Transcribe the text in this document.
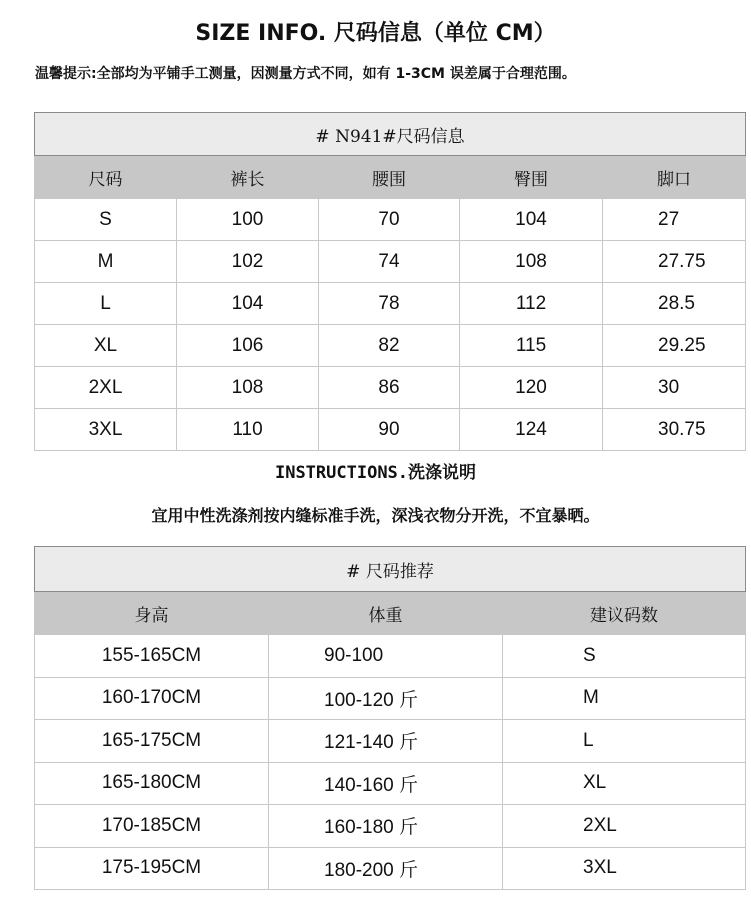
SIZE INFO. 尺码信息（单位 CM）
温馨提示:全部均为平铺手工测量，因测量方式不同，如有 1-3CM 误差属于合理范围。
# N941#尺码信息				
尺码	裤长	腰围	臀围	脚口
S	100	70	104	27
M	102	74	108	27.75
L	104	78	112	28.5
XL	106	82	115	29.25
2XL	108	86	120	30
3XL	110	90	124	30.75
INSTRUCTIONS.洗涤说明
宜用中性洗涤剂按内缝标准手洗，深浅衣物分开洗，不宜暴晒。
# 尺码推荐		
身高	体重	建议码数
155-165CM	90-100	S
160-170CM	100-120 斤	M
165-175CM	121-140 斤	L
165-180CM	140-160 斤	XL
170-185CM	160-180 斤	2XL
175-195CM	180-200 斤	3XL
